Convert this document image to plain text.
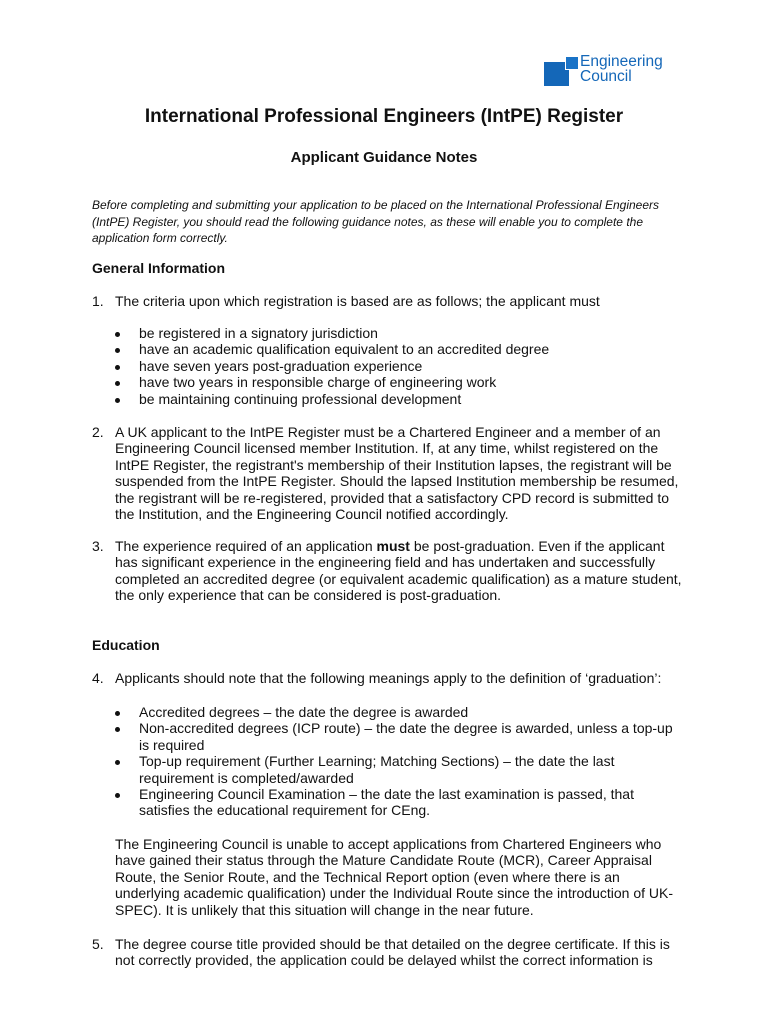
Engineering
Council
International Professional Engineers (IntPE) Register
Applicant Guidance Notes
Before completing and submitting your application to be placed on the International Professional Engineers (IntPE) Register, you should read the following guidance notes, as these will enable you to complete the application form correctly.
General Information
1. The criteria upon which registration is based are as follows; the applicant must
be registered in a signatory jurisdiction
have an academic qualification equivalent to an accredited degree
have seven years post-graduation experience
have two years in responsible charge of engineering work
be maintaining continuing professional development
2. A UK applicant to the IntPE Register must be a Chartered Engineer and a member of an Engineering Council licensed member Institution. If, at any time, whilst registered on the IntPE Register, the registrant's membership of their Institution lapses, the registrant will be suspended from the IntPE Register. Should the lapsed Institution membership be resumed, the registrant will be re-registered, provided that a satisfactory CPD record is submitted to the Institution, and the Engineering Council notified accordingly.
3. The experience required of an application must be post-graduation. Even if the applicant has significant experience in the engineering field and has undertaken and successfully completed an accredited degree (or equivalent academic qualification) as a mature student, the only experience that can be considered is post-graduation.
Education
4. Applicants should note that the following meanings apply to the definition of ‘graduation’:
Accredited degrees – the date the degree is awarded
Non-accredited degrees (ICP route) – the date the degree is awarded, unless a top-up is required
Top-up requirement (Further Learning; Matching Sections) – the date the last requirement is completed/awarded
Engineering Council Examination – the date the last examination is passed, that satisfies the educational requirement for CEng.
The Engineering Council is unable to accept applications from Chartered Engineers who have gained their status through the Mature Candidate Route (MCR), Career Appraisal Route, the Senior Route, and the Technical Report option (even where there is an underlying academic qualification) under the Individual Route since the introduction of UK-SPEC). It is unlikely that this situation will change in the near future.
5. The degree course title provided should be that detailed on the degree certificate. If this is not correctly provided, the application could be delayed whilst the correct information is
